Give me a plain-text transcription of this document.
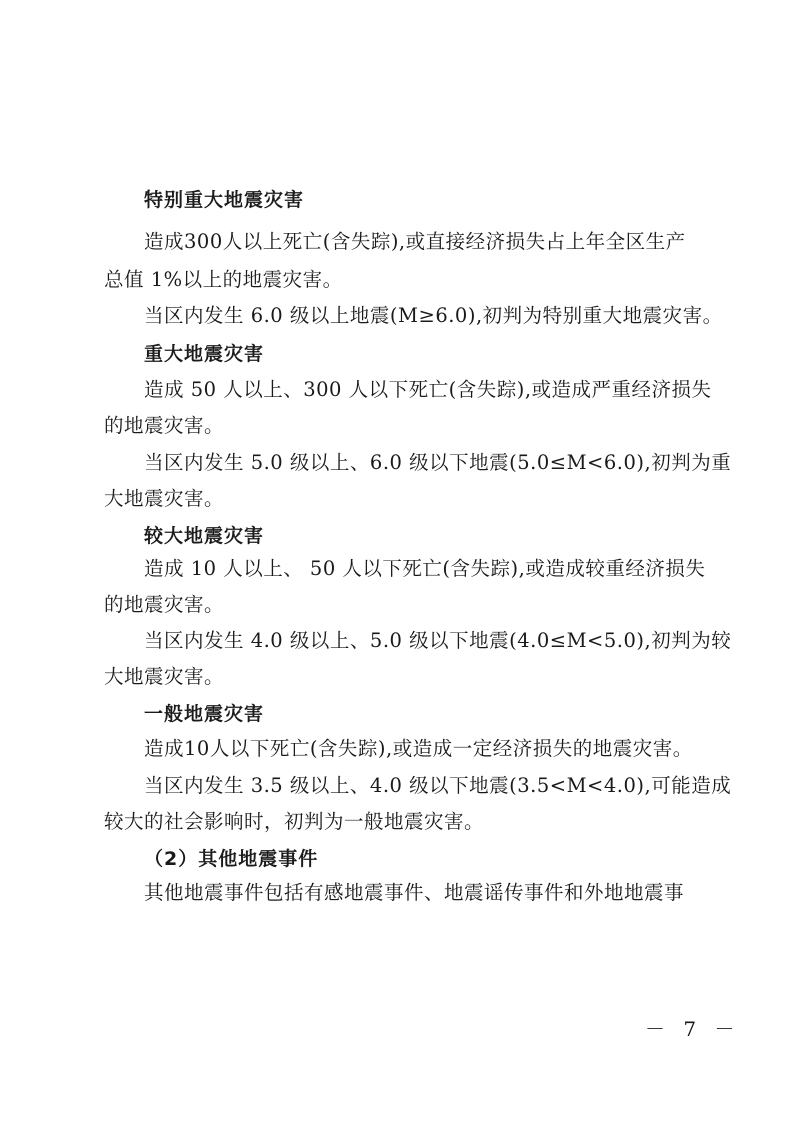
特别重大地震灾害
造成300人以上死亡(含失踪),或直接经济损失占上年全区生产
总值 1%以上的地震灾害。
当区内发生 6.0 级以上地震(M≥6.0),初判为特别重大地震灾害。
重大地震灾害
造成 50 人以上、300 人以下死亡(含失踪),或造成严重经济损失
的地震灾害。
当区内发生 5.0 级以上、6.0 级以下地震(5.0≤M<6.0),初判为重
大地震灾害。
较大地震灾害
造成 10 人以上、 50 人以下死亡(含失踪),或造成较重经济损失
的地震灾害。
当区内发生 4.0 级以上、5.0 级以下地震(4.0≤M<5.0),初判为较
大地震灾害。
一般地震灾害
造成10人以下死亡(含失踪),或造成一定经济损失的地震灾害。
当区内发生 3.5 级以上、4.0 级以下地震(3.5<M<4.0),可能造成
较大的社会影响时，初判为一般地震灾害。
（2）其他地震事件
其他地震事件包括有感地震事件、地震谣传事件和外地地震事
－ 7 －
